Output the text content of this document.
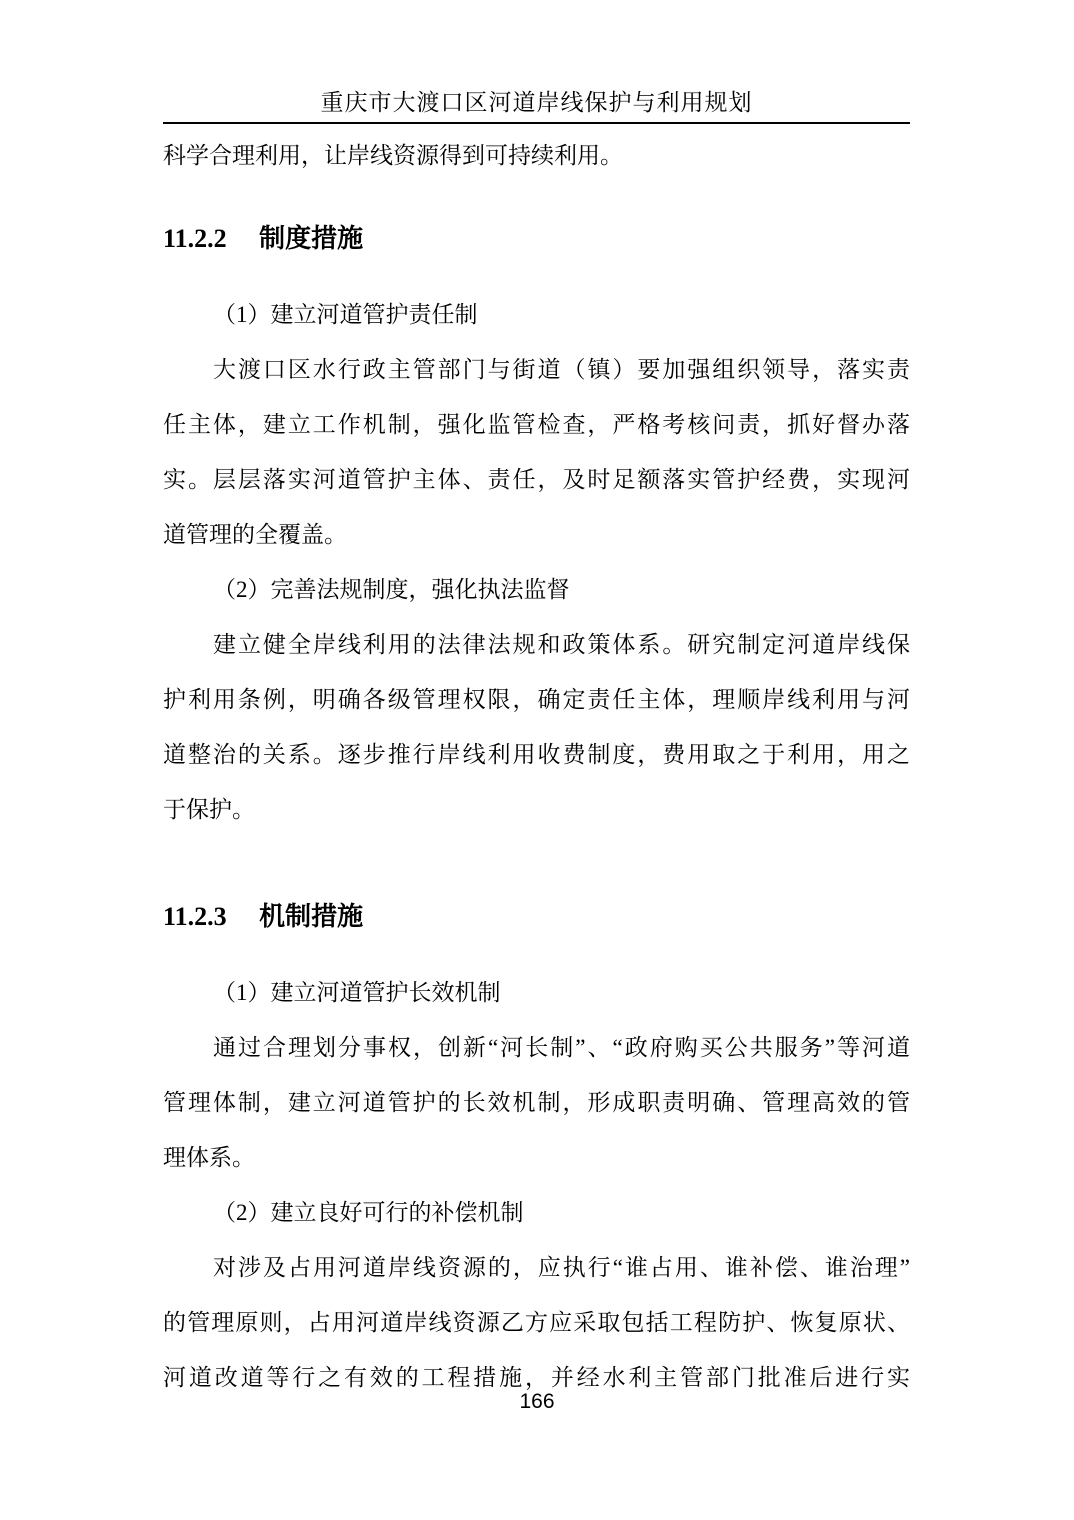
重庆市大渡口区河道岸线保护与利用规划

科学合理利用，让岸线资源得到可持续利用。

11.2.2 制度措施

（1）建立河道管护责任制

大渡口区水行政主管部门与街道（镇）要加强组织领导，落实责

任主体，建立工作机制，强化监管检查，严格考核问责，抓好督办落

实。层层落实河道管护主体、责任，及时足额落实管护经费，实现河

道管理的全覆盖。

（2）完善法规制度，强化执法监督

建立健全岸线利用的法律法规和政策体系。研究制定河道岸线保

护利用条例，明确各级管理权限，确定责任主体，理顺岸线利用与河

道整治的关系。逐步推行岸线利用收费制度，费用取之于利用，用之

于保护。

11.2.3 机制措施

（1）建立河道管护长效机制

通过合理划分事权，创新“河长制”、“政府购买公共服务”等河道

管理体制，建立河道管护的长效机制，形成职责明确、管理高效的管

理体系。

（2）建立良好可行的补偿机制

对涉及占用河道岸线资源的，应执行“谁占用、谁补偿、谁治理”

的管理原则，占用河道岸线资源乙方应采取包括工程防护、恢复原状、

河道改道等行之有效的工程措施，并经水利主管部门批准后进行实

166
